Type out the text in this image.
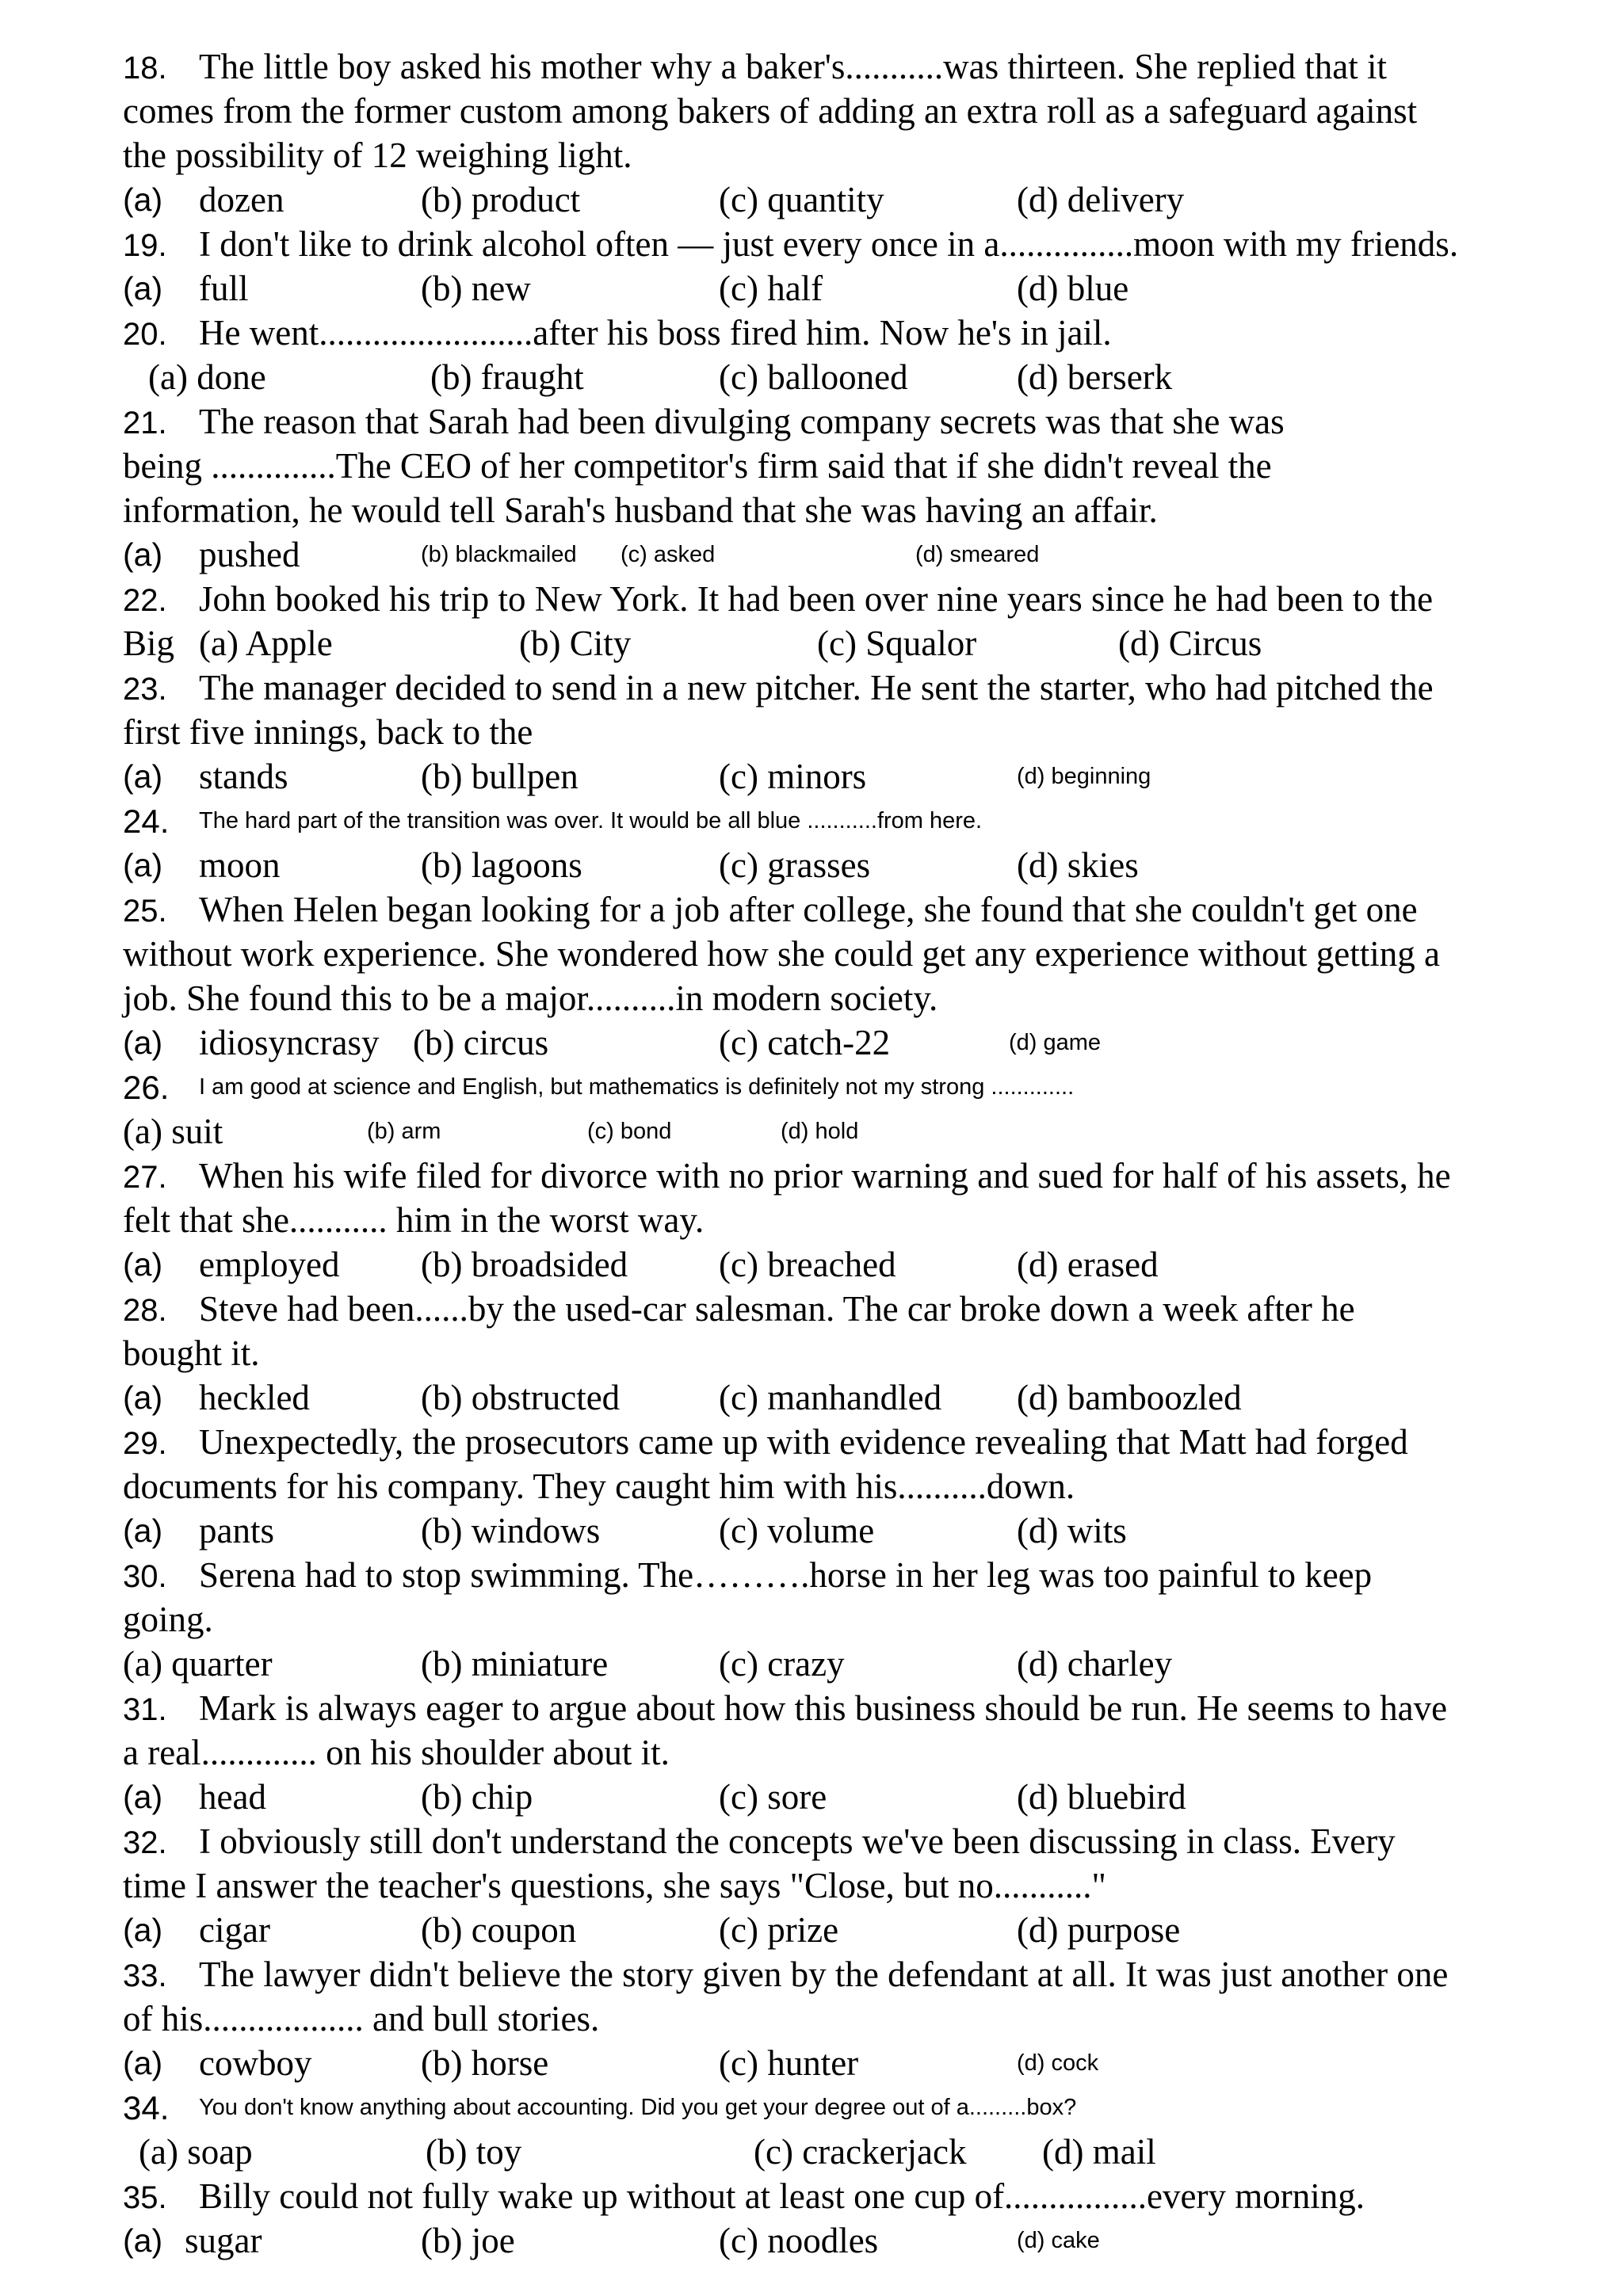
18. The little boy asked his mother why a baker's...........was thirteen. She replied that it
comes from the former custom among bakers of adding an extra roll as a safeguard against
the possibility of 12 weighing light.
(a) dozen	(b) product	(c) quantity	(d) delivery
19. I don't like to drink alcohol often — just every once in a...............moon with my friends.
(a) full	(b) new	(c) half	(d) blue
20. He went........................after his boss fired him. Now he's in jail.
(a) done	(b) fraught	(c) ballooned	(d) berserk
21. The reason that Sarah had been divulging company secrets was that she was
being ..............The CEO of her competitor's firm said that if she didn't reveal the
information, he would tell Sarah's husband that she was having an affair.
(a) pushed	(b) blackmailed (c) asked	(d) smeared
22. John booked his trip to New York. It had been over nine years since he had been to the
Big (a) Apple	(b) City	(c) Squalor	(d) Circus
23. The manager decided to send in a new pitcher. He sent the starter, who had pitched the
first five innings, back to the
(a) stands	(b) bullpen	(c) minors	(d) beginning
24. The hard part of the transition was over. It would be all blue ...........from here.
(a) moon	(b) lagoons	(c) grasses	(d) skies
25. When Helen began looking for a job after college, she found that she couldn't get one
without work experience. She wondered how she could get any experience without getting a
job. She found this to be a major..........in modern society.
(a) idiosyncrasy (b) circus	(c) catch-22	(d) game
26. I am good at science and English, but mathematics is definitely not my strong .............
(a) suit	(b) arm	(c) bond	(d) hold
27. When his wife filed for divorce with no prior warning and sued for half of his assets, he
felt that she........... him in the worst way.
(a) employed (b) broadsided	(c) breached	(d) erased
28. Steve had been......by the used-car salesman. The car broke down a week after he
bought it.
(a) heckled	(b) obstructed	(c) manhandled (d) bamboozled
29. Unexpectedly, the prosecutors came up with evidence revealing that Matt had forged
documents for his company. They caught him with his..........down.
(a) pants	(b) windows	(c) volume	(d) wits
30. Serena had to stop swimming. The……….horse in her leg was too painful to keep
going.
(a) quarter	(b) miniature	(c) crazy	(d) charley
31. Mark is always eager to argue about how this business should be run. He seems to have
a real............. on his shoulder about it.
(a) head	(b) chip	(c) sore	(d) bluebird
32. I obviously still don't understand the concepts we've been discussing in class. Every
time I answer the teacher's questions, she says "Close, but no..........."
(a) cigar	(b) coupon	(c) prize	(d) purpose
33. The lawyer didn't believe the story given by the defendant at all. It was just another one
of his.................. and bull stories.
(a) cowboy	(b) horse	(c) hunter	(d) cock
34. You don't know anything about accounting. Did you get your degree out of a.........box?
(a) soap	(b) toy	(c) crackerjack (d) mail
35. Billy could not fully wake up without at least one cup of................every morning.
(a) sugar	(b) joe	(c) noodles	(d) cake
